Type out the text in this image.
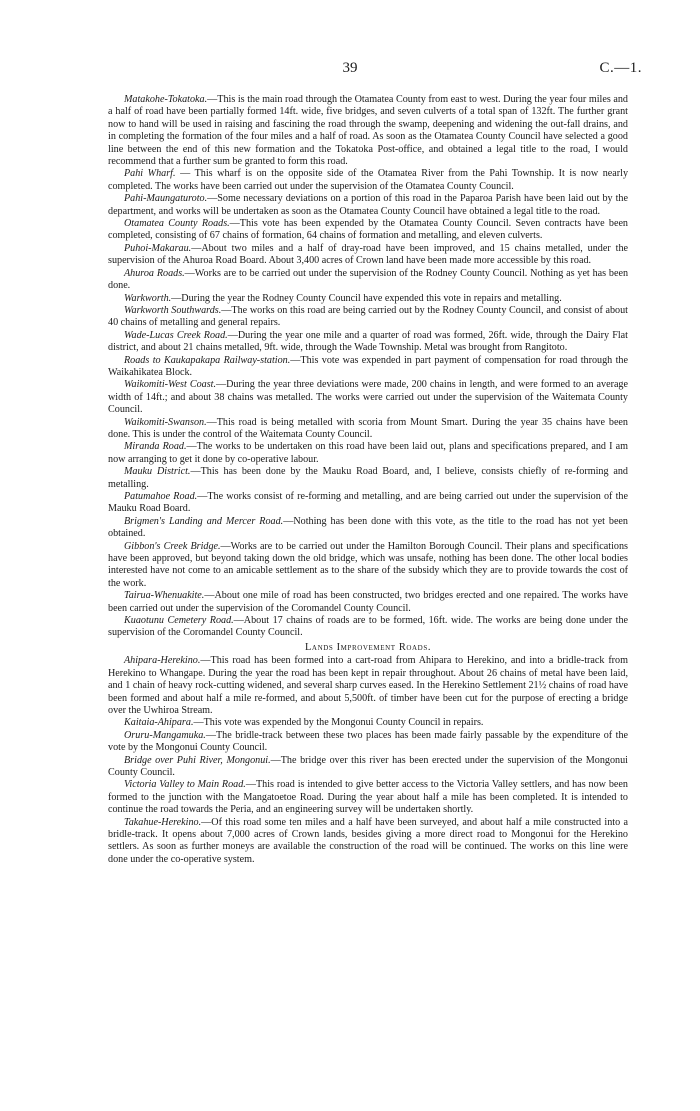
39	C.—1.

Matakohe-Tokatoka.—This is the main road through the Otamatea County from east to west. During the year four miles and a half of road have been partially formed 14ft. wide, five bridges, and seven culverts of a total span of 132ft. The further grant now to hand will be used in raising and fascining the road through the swamp, deepening and widening the out-fall drains, and in completing the formation of the four miles and a half of road. As soon as the Otamatea County Council have selected a good line between the end of this new formation and the Tokatoka Post-office, and obtained a legal title to the road, I would recommend that a further sum be granted to form this road.

Pahi Wharf. — This wharf is on the opposite side of the Otamatea River from the Pahi Township. It is now nearly completed. The works have been carried out under the supervision of the Otamatea County Council.

Pahi-Maungaturoto.—Some necessary deviations on a portion of this road in the Paparoa Parish have been laid out by the department, and works will be undertaken as soon as the Otamatea County Council have obtained a legal title to the road.

Otamatea County Roads.—This vote has been expended by the Otamatea County Council. Seven contracts have been completed, consisting of 67 chains of formation, 64 chains of formation and metalling, and eleven culverts.

Puhoi-Makarau.—About two miles and a half of dray-road have been improved, and 15 chains metalled, under the supervision of the Ahuroa Road Board. About 3,400 acres of Crown land have been made more accessible by this road.

Ahuroa Roads.—Works are to be carried out under the supervision of the Rodney County Council. Nothing as yet has been done.

Warkworth.—During the year the Rodney County Council have expended this vote in repairs and metalling.

Warkworth Southwards.—The works on this road are being carried out by the Rodney County Council, and consist of about 40 chains of metalling and general repairs.

Wade-Lucas Creek Road.—During the year one mile and a quarter of road was formed, 26ft. wide, through the Dairy Flat district, and about 21 chains metalled, 9ft. wide, through the Wade Township. Metal was brought from Rangitoto.

Roads to Kaukapakapa Railway-station.—This vote was expended in part payment of compensation for road through the Waikahikatea Block.

Waikomiti-West Coast.—During the year three deviations were made, 200 chains in length, and were formed to an average width of 14ft.; and about 38 chains was metalled. The works were carried out under the supervision of the Waitemata County Council.

Waikomiti-Swanson.—This road is being metalled with scoria from Mount Smart. During the year 35 chains have been done. This is under the control of the Waitemata County Council.

Miranda Road.—The works to be undertaken on this road have been laid out, plans and specifications prepared, and I am now arranging to get it done by co-operative labour.

Mauku District.—This has been done by the Mauku Road Board, and, I believe, consists chiefly of re-forming and metalling.

Patumahoe Road.—The works consist of re-forming and metalling, and are being carried out under the supervision of the Mauku Road Board.

Brigmen's Landing and Mercer Road.—Nothing has been done with this vote, as the title to the road has not yet been obtained.

Gibbon's Creek Bridge.—Works are to be carried out under the Hamilton Borough Council. Their plans and specifications have been approved, but beyond taking down the old bridge, which was unsafe, nothing has been done. The other local bodies interested have not come to an amicable settlement as to the share of the subsidy which they are to provide towards the cost of the work.

Tairua-Whenuakite.—About one mile of road has been constructed, two bridges erected and one repaired. The works have been carried out under the supervision of the Coromandel County Council.

Kuaotunu Cemetery Road.—About 17 chains of roads are to be formed, 16ft. wide. The works are being done under the supervision of the Coromandel County Council.

Lands Improvement Roads.

Ahipara-Herekino.—This road has been formed into a cart-road from Ahipara to Herekino, and into a bridle-track from Herekino to Whangape. During the year the road has been kept in repair throughout. About 26 chains of metal have been laid, and 1 chain of heavy rock-cutting widened, and several sharp curves eased. In the Herekino Settlement 21½ chains of road have been formed and about half a mile re-formed, and about 5,500ft. of timber have been cut for the purpose of erecting a bridge over the Uwhiroa Stream.

Kaitaia-Ahipara.—This vote was expended by the Mongonui County Council in repairs.

Oruru-Mangamuka.—The bridle-track between these two places has been made fairly passable by the expenditure of the vote by the Mongonui County Council.

Bridge over Puhi River, Mongonui.—The bridge over this river has been erected under the supervision of the Mongonui County Council.

Victoria Valley to Main Road.—This road is intended to give better access to the Victoria Valley settlers, and has now been formed to the junction with the Mangatoetoe Road. During the year about half a mile has been completed. It is intended to continue the road towards the Peria, and an engineering survey will be undertaken shortly.

Takahue-Herekino.—Of this road some ten miles and a half have been surveyed, and about half a mile constructed into a bridle-track. It opens about 7,000 acres of Crown lands, besides giving a more direct road to Mongonui for the Herekino settlers. As soon as further moneys are available the construction of the road will be continued. The works on this line were done under the co-operative system.
